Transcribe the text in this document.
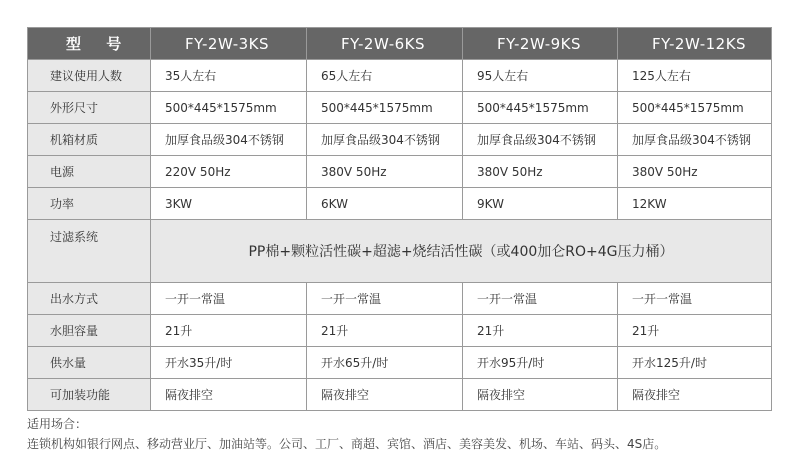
型 号	FY-2W-3KS	FY-2W-6KS	FY-2W-9KS	FY-2W-12KS
建议使用人数	35人左右	65人左右	95人左右	125人左右
外形尺寸	500*445*1575mm	500*445*1575mm	500*445*1575mm	500*445*1575mm
机箱材质	加厚食品级304不锈钢	加厚食品级304不锈钢	加厚食品级304不锈钢	加厚食品级304不锈钢
电源	220V 50Hz	380V 50Hz	380V 50Hz	380V 50Hz
功率	3KW	6KW	9KW	12KW
过滤系统	PP棉+颗粒活性碳+超滤+烧结活性碳（或400加仑RO+4G压力桶）			
出水方式	一开一常温	一开一常温	一开一常温	一开一常温
水胆容量	21升	21升	21升	21升
供水量	开水35升/时	开水65升/时	开水95升/时	开水125升/时
可加装功能	隔夜排空	隔夜排空	隔夜排空	隔夜排空
适用场合：
连锁机构如银行网点、移动营业厅、加油站等。公司、工厂、商超、宾馆、酒店、美容美发、机场、车站、码头、4S店。
